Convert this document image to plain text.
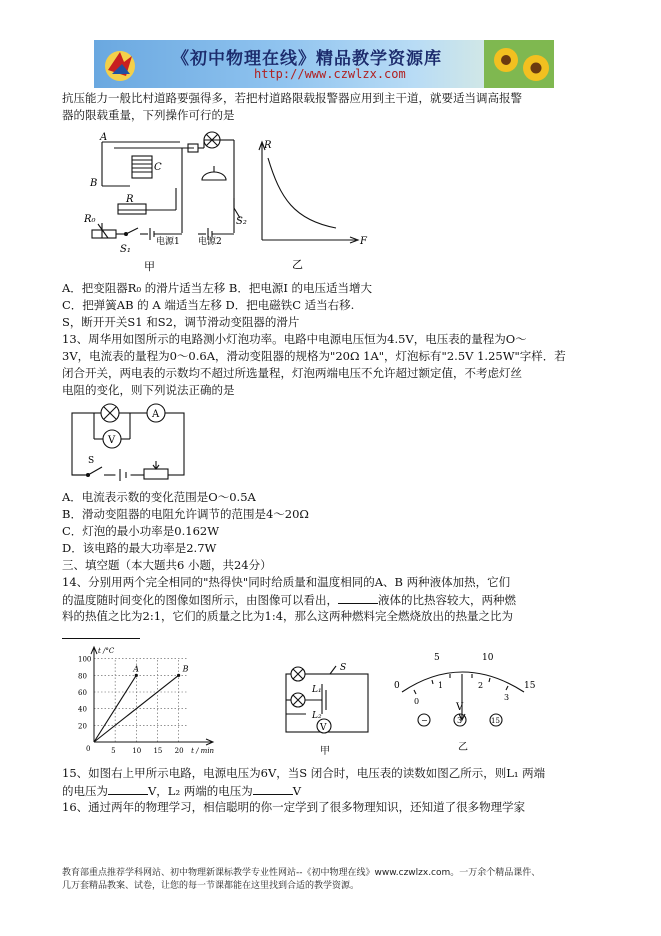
《初中物理在线》精品教学资源库
http://www.czwlzx.com
抗压能力一般比村道路要强得多，若把村道路限载报警器应用到主干道，就要适当调高报警
器的限载重量，下列操作可行的是
A
B
C
R
R₀
S₁
S₂
电源1 电源2
甲
R
F
乙
A．把变阻器R₀ 的滑片适当左移 B．把电源Ⅰ 的电压适当增大
C．把弹簧AB 的 A 端适当左移 D．把电磁铁C 适当右移.
S，断开开关S1 和S2，调节滑动变阻器的滑片
13、周华用如图所示的电路测小灯泡功率。电路中电源电压恒为4.5V，电压表的量程为O～
3V，电流表的量程为0～0.6A，滑动变阻器的规格为"20Ω 1A"，灯泡标有"2.5V 1.25W"字样．若
闭合开关，两电表的示数均不超过所选量程，灯泡两端电压不允许超过额定值，不考虑灯丝
电阻的变化，则下列说法正确的是
A
V
S
A．电流表示数的变化范围是O～0.5A
B．滑动变阻器的电阻允许调节的范围是4～20Ω
C．灯泡的最小功率是0.162W
D．该电路的最大功率是2.7W
三、填空题（本大题共6 小题，共24分）
14、分别用两个完全相同的"热得快"同时给质量和温度相同的A、B 两种液体加热，它们
的温度随时间变化的图像如图所示，由图像可以看出，	液体的比热容较大，两种燃
料的热值之比为2:1，它们的质量之比为1:4，那么这两种燃料完全燃烧放出的热量之比为
5 10 15 20
20
40
60
80
100
t /°C
t / min
0
A	B	S
L₁
L₂
V
甲
5	10
0	15
0
1	2
3
V
−	3	15
乙
15、如图右上甲所示电路，电源电压为6V，当S 闭合时，电压表的读数如图乙所示，则L₁ 两端
的电压为	V，L₂ 两端的电压为	V
16、通过两年的物理学习，相信聪明的你一定学到了很多物理知识，还知道了很多物理学家
教育部重点推荐学科网站、初中物理新课标教学专业性网站--《初中物理在线》www.czwlzx.com。一万余个精品课件、
几万套精品教案、试卷，让您的每一节课都能在这里找到合适的教学资源。
